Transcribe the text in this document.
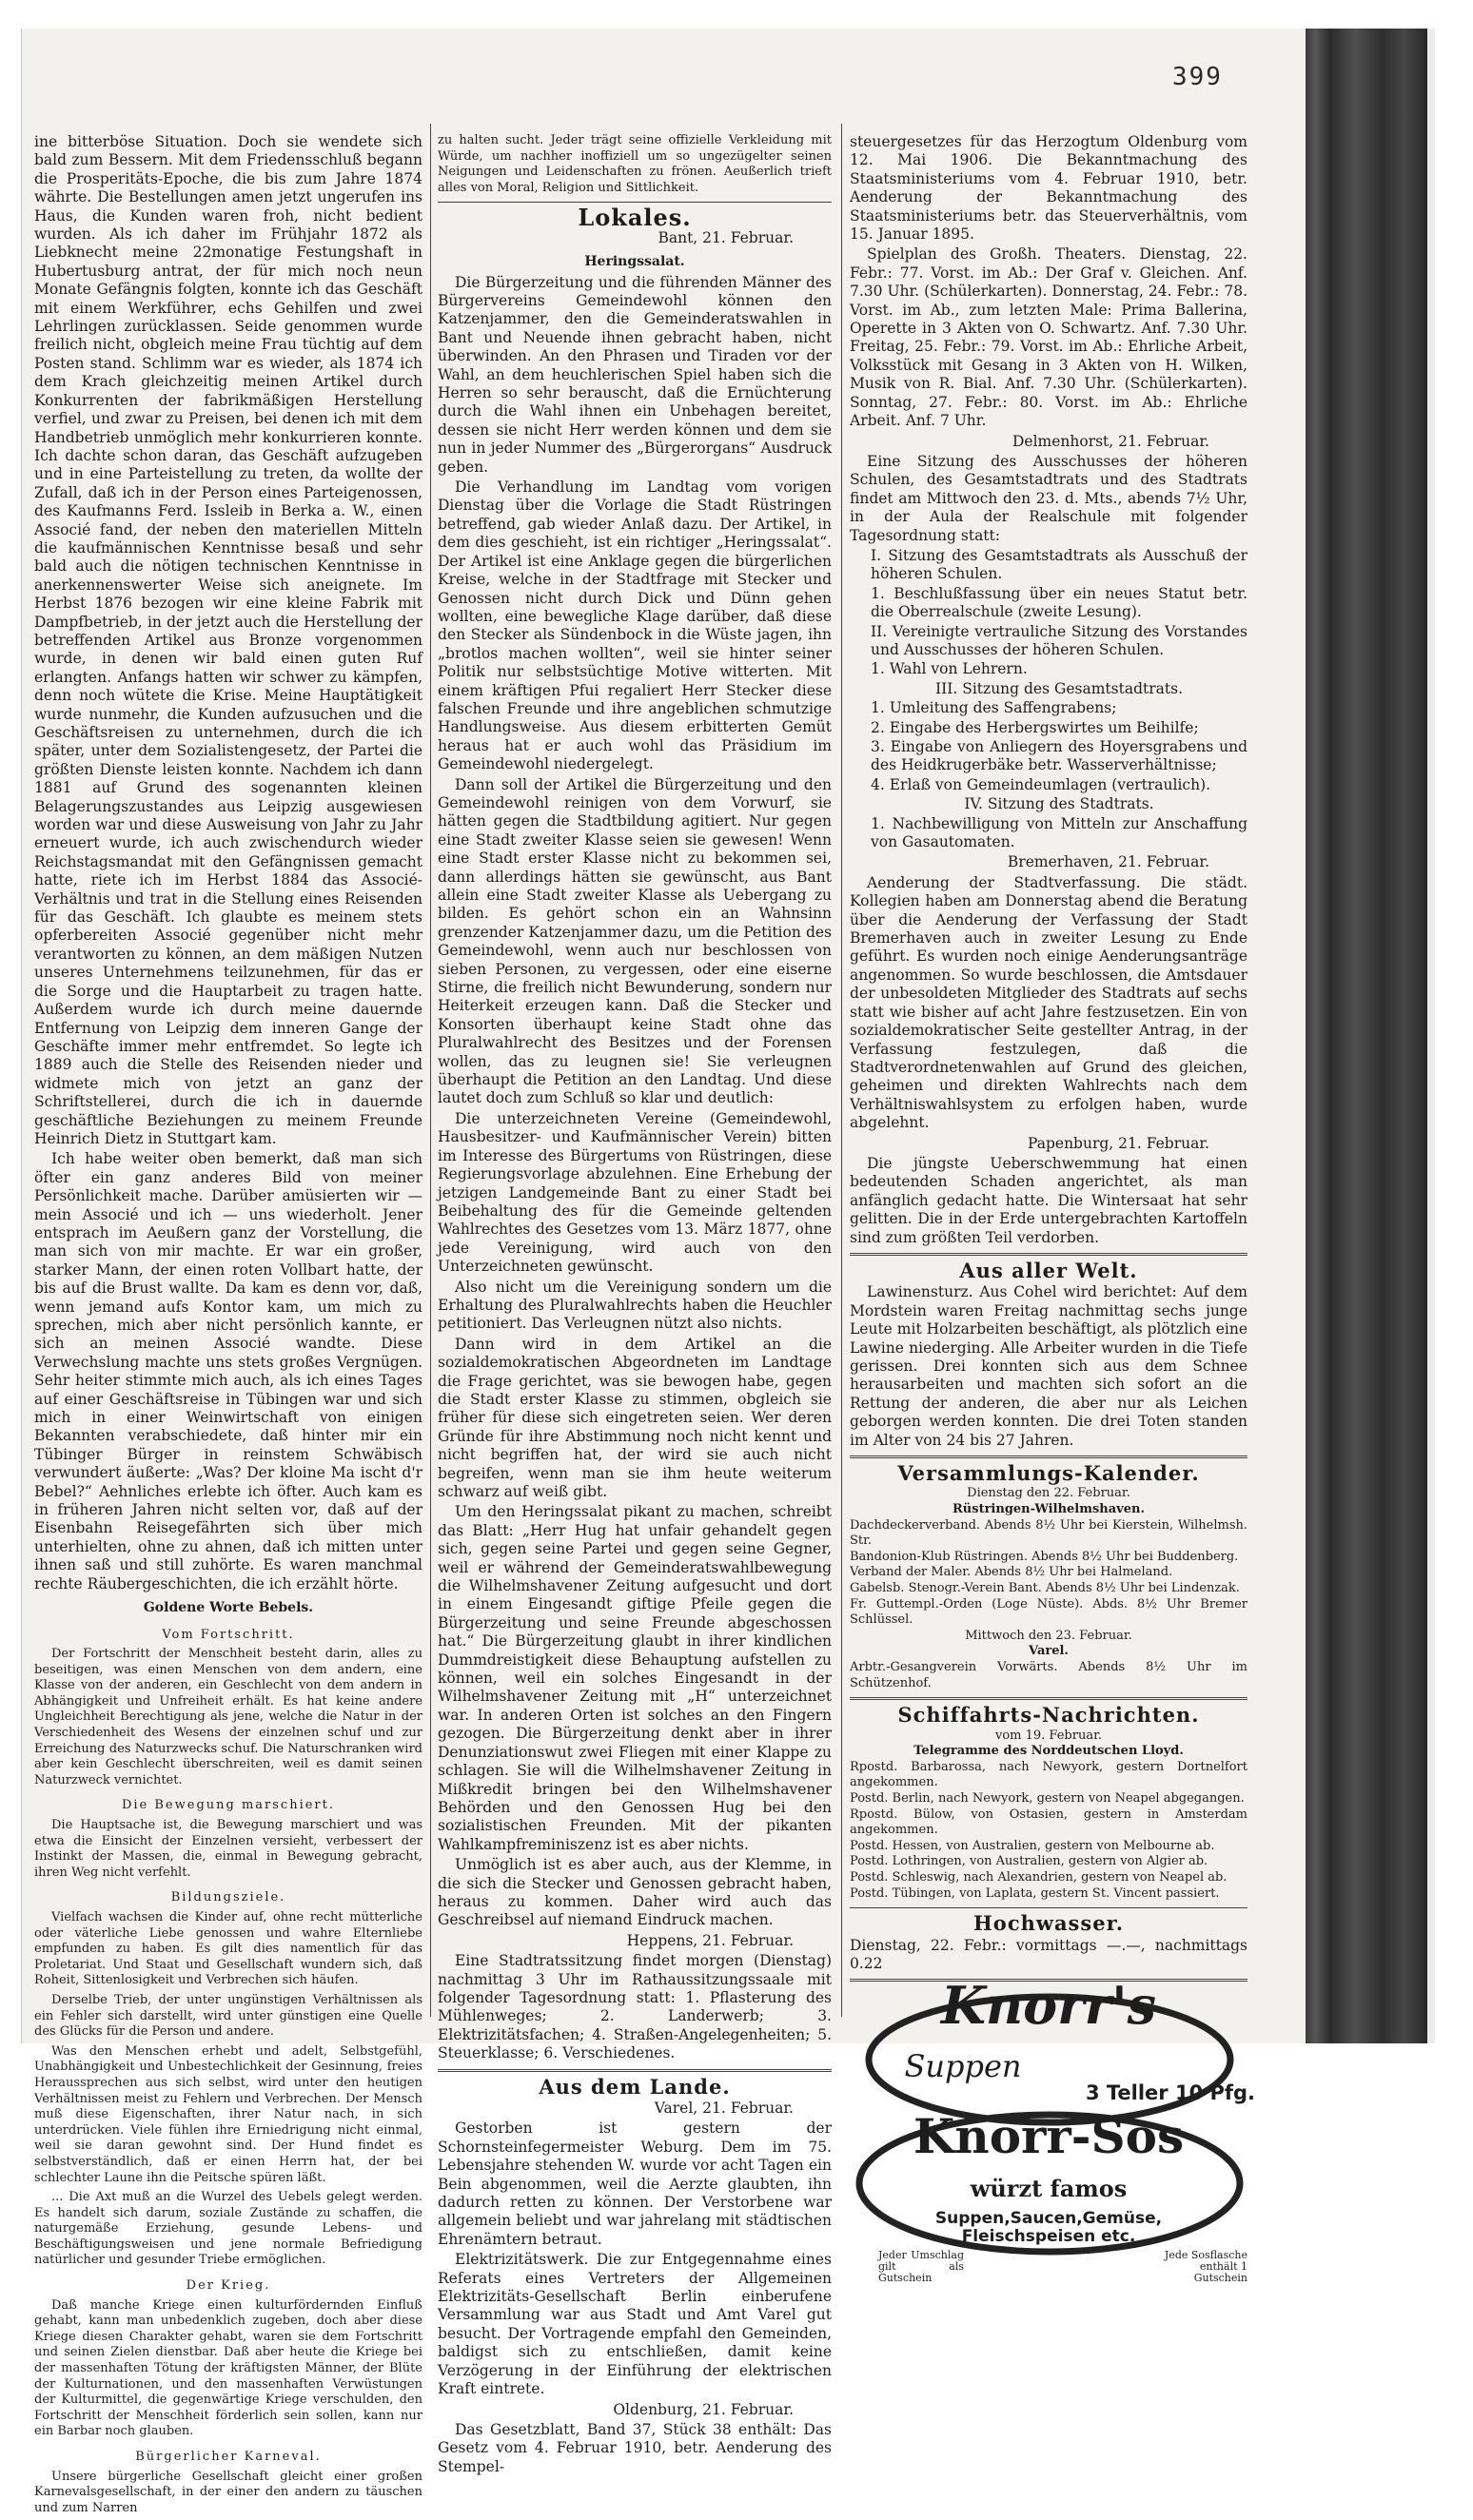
399

ine bitterböse Situation. Doch sie wendete sich bald zum Bessern. Mit dem Friedensschluß begann die Prosperitäts-Epoche, die bis zum Jahre 1874 währte. Die Bestellungen amen jetzt ungerufen ins Haus, die Kunden waren froh, nicht bedient wurden. Als ich daher im Frühjahr 1872 als Liebknecht meine 22monatige Festungshaft in Hubertusburg antrat, der für mich noch neun Monate Gefängnis folgten, konnte ich das Geschäft mit einem Werkführer, echs Gehilfen und zwei Lehrlingen zurücklassen. Seide genommen wurde freilich nicht, obgleich meine Frau tüchtig auf dem Posten stand. Schlimm war es wieder, als 1874 ich dem Krach gleichzeitig meinen Artikel durch Konkurrenten der fabrikmäßigen Herstellung verfiel, und zwar zu Preisen, bei denen ich mit dem Handbetrieb unmöglich mehr konkurrieren konnte. Ich dachte schon daran, das Geschäft aufzugeben und in eine Parteistellung zu treten, da wollte der Zufall, daß ich in der Person eines Parteigenossen, des Kaufmanns Ferd. Issleib in Berka a. W., einen Associé fand, der neben den materiellen Mitteln die kaufmännischen Kenntnisse besaß und sehr bald auch die nötigen technischen Kenntnisse in anerkennenswerter Weise sich aneignete. Im Herbst 1876 bezogen wir eine kleine Fabrik mit Dampfbetrieb, in der jetzt auch die Herstellung der betreffenden Artikel aus Bronze vorgenommen wurde, in denen wir bald einen guten Ruf erlangten. Anfangs hatten wir schwer zu kämpfen, denn noch wütete die Krise. Meine Hauptätigkeit wurde nunmehr, die Kunden aufzusuchen und die Geschäftsreisen zu unternehmen, durch die ich später, unter dem Sozialistengesetz, der Partei die größten Dienste leisten konnte. Nachdem ich dann 1881 auf Grund des sogenannten kleinen Belagerungszustandes aus Leipzig ausgewiesen worden war und diese Ausweisung von Jahr zu Jahr erneuert wurde, ich auch zwischendurch wieder Reichstagsmandat mit den Gefängnissen gemacht hatte, riete ich im Herbst 1884 das Associé-Verhältnis und trat in die Stellung eines Reisenden für das Geschäft. Ich glaubte es meinem stets opferbereiten Associé gegenüber nicht mehr verantworten zu können, an dem mäßigen Nutzen unseres Unternehmens teilzunehmen, für das er die Sorge und die Hauptarbeit zu tragen hatte. Außerdem wurde ich durch meine dauernde Entfernung von Leipzig dem inneren Gange der Geschäfte immer mehr entfremdet. So legte ich 1889 auch die Stelle des Reisenden nieder und widmete mich von jetzt an ganz der Schriftstellerei, durch die ich in dauernde geschäftliche Beziehungen zu meinem Freunde Heinrich Dietz in Stuttgart kam.

Ich habe weiter oben bemerkt, daß man sich öfter ein ganz anderes Bild von meiner Persönlichkeit mache. Darüber amüsierten wir — mein Associé und ich — uns wiederholt. Jener entsprach im Aeußern ganz der Vorstellung, die man sich von mir machte. Er war ein großer, starker Mann, der einen roten Vollbart hatte, der bis auf die Brust wallte. Da kam es denn vor, daß, wenn jemand aufs Kontor kam, um mich zu sprechen, mich aber nicht persönlich kannte, er sich an meinen Associé wandte. Diese Verwechslung machte uns stets großes Vergnügen. Sehr heiter stimmte mich auch, als ich eines Tages auf einer Geschäftsreise in Tübingen war und sich mich in einer Weinwirtschaft von einigen Bekannten verabschiedete, daß hinter mir ein Tübinger Bürger in reinstem Schwäbisch verwundert äußerte: „Was? Der kloine Ma ischt d'r Bebel?“ Aehnliches erlebte ich öfter. Auch kam es in früheren Jahren nicht selten vor, daß auf der Eisenbahn Reisegefährten sich über mich unterhielten, ohne zu ahnen, daß ich mitten unter ihnen saß und still zuhörte. Es waren manchmal rechte Räubergeschichten, die ich erzählt hörte.

Goldene Worte Bebels.
Vom Fortschritt.

Der Fortschritt der Menschheit besteht darin, alles zu beseitigen, was einen Menschen von dem andern, eine Klasse von der anderen, ein Geschlecht von dem andern in Abhängigkeit und Unfreiheit erhält. Es hat keine andere Ungleichheit Berechtigung als jene, welche die Natur in der Verschiedenheit des Wesens der einzelnen schuf und zur Erreichung des Naturzwecks schuf. Die Naturschranken wird aber kein Geschlecht überschreiten, weil es damit seinen Naturzweck vernichtet.

Die Bewegung marschiert.

Die Hauptsache ist, die Bewegung marschiert und was etwa die Einsicht der Einzelnen versieht, verbessert der Instinkt der Massen, die, einmal in Bewegung gebracht, ihren Weg nicht verfehlt.

Bildungsziele.

Vielfach wachsen die Kinder auf, ohne recht mütterliche oder väterliche Liebe genossen und wahre Elternliebe empfunden zu haben. Es gilt dies namentlich für das Proletariat. Und Staat und Gesellschaft wundern sich, daß Roheit, Sittenlosigkeit und Verbrechen sich häufen.

Derselbe Trieb, der unter ungünstigen Verhältnissen als ein Fehler sich darstellt, wird unter günstigen eine Quelle des Glücks für die Person und andere.

Was den Menschen erhebt und adelt, Selbstgefühl, Unabhängigkeit und Unbestechlichkeit der Gesinnung, freies Heraussprechen aus sich selbst, wird unter den heutigen Verhältnissen meist zu Fehlern und Verbrechen. Der Mensch muß diese Eigenschaften, ihrer Natur nach, in sich unterdrücken. Viele fühlen ihre Erniedrigung nicht einmal, weil sie daran gewohnt sind. Der Hund findet es selbstverständlich, daß er einen Herrn hat, der bei schlechter Laune ihn die Peitsche spüren läßt.

... Die Axt muß an die Wurzel des Uebels gelegt werden. Es handelt sich darum, soziale Zustände zu schaffen, die naturgemäße Erziehung, gesunde Lebens- und Beschäftigungsweisen und jene normale Befriedigung natürlicher und gesunder Triebe ermöglichen.

Der Krieg.

Daß manche Kriege einen kulturfördernden Einfluß gehabt, kann man unbedenklich zugeben, doch aber diese Kriege diesen Charakter gehabt, waren sie dem Fortschritt und seinen Zielen dienstbar. Daß aber heute die Kriege bei der massenhaften Tötung der kräftigsten Männer, der Blüte der Kulturnationen, und den massenhaften Verwüstungen der Kulturmittel, die gegenwärtige Kriege verschulden, den Fortschritt der Menschheit förderlich sein sollen, kann nur ein Barbar noch glauben.

Bürgerlicher Karneval.

Unsere bürgerliche Gesellschaft gleicht einer großen Karnevalsgesellschaft, in der einer den andern zu täuschen und zum Narren

zu halten sucht. Jeder trägt seine offizielle Verkleidung mit Würde, um nachher inoffiziell um so ungezügelter seinen Neigungen und Leidenschaften zu frönen. Aeußerlich trieft alles von Moral, Religion und Sittlichkeit.

Lokales.
Bant, 21. Februar.
Heringssalat.

Die Bürgerzeitung und die führenden Männer des Bürgervereins Gemeindewohl können den Katzenjammer, den die Gemeinderatswahlen in Bant und Neuende ihnen gebracht haben, nicht überwinden. An den Phrasen und Tiraden vor der Wahl, an dem heuchlerischen Spiel haben sich die Herren so sehr berauscht, daß die Ernüchterung durch die Wahl ihnen ein Unbehagen bereitet, dessen sie nicht Herr werden können und dem sie nun in jeder Nummer des „Bürgerorgans“ Ausdruck geben.

Die Verhandlung im Landtag vom vorigen Dienstag über die Vorlage die Stadt Rüstringen betreffend, gab wieder Anlaß dazu. Der Artikel, in dem dies geschieht, ist ein richtiger „Heringssalat“. Der Artikel ist eine Anklage gegen die bürgerlichen Kreise, welche in der Stadtfrage mit Stecker und Genossen nicht durch Dick und Dünn gehen wollten, eine bewegliche Klage darüber, daß diese den Stecker als Sündenbock in die Wüste jagen, ihn „brotlos machen wollten“, weil sie hinter seiner Politik nur selbstsüchtige Motive witterten. Mit einem kräftigen Pfui regaliert Herr Stecker diese falschen Freunde und ihre angeblichen schmutzige Handlungsweise. Aus diesem erbitterten Gemüt heraus hat er auch wohl das Präsidium im Gemeindewohl niedergelegt.

Dann soll der Artikel die Bürgerzeitung und den Gemeindewohl reinigen von dem Vorwurf, sie hätten gegen die Stadtbildung agitiert. Nur gegen eine Stadt zweiter Klasse seien sie gewesen! Wenn eine Stadt erster Klasse nicht zu bekommen sei, dann allerdings hätten sie gewünscht, aus Bant allein eine Stadt zweiter Klasse als Uebergang zu bilden. Es gehört schon ein an Wahnsinn grenzender Katzenjammer dazu, um die Petition des Gemeindewohl, wenn auch nur beschlossen von sieben Personen, zu vergessen, oder eine eiserne Stirne, die freilich nicht Bewunderung, sondern nur Heiterkeit erzeugen kann. Daß die Stecker und Konsorten überhaupt keine Stadt ohne das Pluralwahlrecht des Besitzes und der Forensen wollen, das zu leugnen sie! Sie verleugnen überhaupt die Petition an den Landtag. Und diese lautet doch zum Schluß so klar und deutlich:

Die unterzeichneten Vereine (Gemeindewohl, Hausbesitzer- und Kaufmännischer Verein) bitten im Interesse des Bürgertums von Rüstringen, diese Regierungsvorlage abzulehnen. Eine Erhebung der jetzigen Landgemeinde Bant zu einer Stadt bei Beibehaltung des für die Gemeinde geltenden Wahlrechtes des Gesetzes vom 13. März 1877, ohne jede Vereinigung, wird auch von den Unterzeichneten gewünscht.

Also nicht um die Vereinigung sondern um die Erhaltung des Pluralwahlrechts haben die Heuchler petitioniert. Das Verleugnen nützt also nichts.

Dann wird in dem Artikel an die sozialdemokratischen Abgeordneten im Landtage die Frage gerichtet, was sie bewogen habe, gegen die Stadt erster Klasse zu stimmen, obgleich sie früher für diese sich eingetreten seien. Wer deren Gründe für ihre Abstimmung noch nicht kennt und nicht begriffen hat, der wird sie auch nicht begreifen, wenn man sie ihm heute weiterum schwarz auf weiß gibt.

Um den Heringssalat pikant zu machen, schreibt das Blatt: „Herr Hug hat unfair gehandelt gegen sich, gegen seine Partei und gegen seine Gegner, weil er während der Gemeinderatswahlbewegung die Wilhelmshavener Zeitung aufgesucht und dort in einem Eingesandt giftige Pfeile gegen die Bürgerzeitung und seine Freunde abgeschossen hat.“ Die Bürgerzeitung glaubt in ihrer kindlichen Dummdreistigkeit diese Behauptung aufstellen zu können, weil ein solches Eingesandt in der Wilhelmshavener Zeitung mit „H“ unterzeichnet war. In anderen Orten ist solches an den Fingern gezogen. Die Bürgerzeitung denkt aber in ihrer Denunziationswut zwei Fliegen mit einer Klappe zu schlagen. Sie will die Wilhelmshavener Zeitung in Mißkredit bringen bei den Wilhelmshavener Behörden und den Genossen Hug bei den sozialistischen Freunden. Mit der pikanten Wahlkampfreminiszenz ist es aber nichts.

Unmöglich ist es aber auch, aus der Klemme, in die sich die Stecker und Genossen gebracht haben, heraus zu kommen. Daher wird auch das Geschreibsel auf niemand Eindruck machen.

Heppens, 21. Februar.

Eine Stadtratssitzung findet morgen (Dienstag) nachmittag 3 Uhr im Rathaussitzungssaale mit folgender Tagesordnung statt: 1. Pflasterung des Mühlenweges; 2. Landerwerb; 3. Elektrizitätsfachen; 4. Straßen-Angelegenheiten; 5. Steuerklasse; 6. Verschiedenes.

Aus dem Lande.
Varel, 21. Februar.

Gestorben ist gestern der Schornsteinfegermeister Weburg. Dem im 75. Lebensjahre stehenden W. wurde vor acht Tagen ein Bein abgenommen, weil die Aerzte glaubten, ihn dadurch retten zu können. Der Verstorbene war allgemein beliebt und war jahrelang mit städtischen Ehrenämtern betraut.

Elektrizitätswerk. Die zur Entgegennahme eines Referats eines Vertreters der Allgemeinen Elektrizitäts-Gesellschaft Berlin einberufene Versammlung war aus Stadt und Amt Varel gut besucht. Der Vortragende empfahl den Gemeinden, baldigst sich zu entschließen, damit keine Verzögerung in der Einführung der elektrischen Kraft eintrete.

Oldenburg, 21. Februar.

Das Gesetzblatt, Band 37, Stück 38 enthält: Das Gesetz vom 4. Februar 1910, betr. Aenderung des Stempel-

steuergesetzes für das Herzogtum Oldenburg vom 12. Mai 1906. Die Bekanntmachung des Staatsministeriums vom 4. Februar 1910, betr. Aenderung der Bekanntmachung des Staatsministeriums betr. das Steuerverhältnis, vom 15. Januar 1895.

Spielplan des Großh. Theaters. Dienstag, 22. Febr.: 77. Vorst. im Ab.: Der Graf v. Gleichen. Anf. 7.30 Uhr. (Schülerkarten). Donnerstag, 24. Febr.: 78. Vorst. im Ab., zum letzten Male: Prima Ballerina, Operette in 3 Akten von O. Schwartz. Anf. 7.30 Uhr. Freitag, 25. Febr.: 79. Vorst. im Ab.: Ehrliche Arbeit, Volksstück mit Gesang in 3 Akten von H. Wilken, Musik von R. Bial. Anf. 7.30 Uhr. (Schülerkarten). Sonntag, 27. Febr.: 80. Vorst. im Ab.: Ehrliche Arbeit. Anf. 7 Uhr.

Delmenhorst, 21. Februar.

Eine Sitzung des Ausschusses der höheren Schulen, des Gesamtstadtrats und des Stadtrats findet am Mittwoch den 23. d. Mts., abends 7½ Uhr, in der Aula der Realschule mit folgender Tagesordnung statt:

I. Sitzung des Gesamtstadtrats als Ausschuß der höheren Schulen.

1. Beschlußfassung über ein neues Statut betr. die Oberrealschule (zweite Lesung).

II. Vereinigte vertrauliche Sitzung des Vorstandes und Ausschusses der höheren Schulen.

1. Wahl von Lehrern.

III. Sitzung des Gesamtstadtrats.

1. Umleitung des Saffengrabens;

2. Eingabe des Herbergswirtes um Beihilfe;

3. Eingabe von Anliegern des Hoyersgrabens und des Heidkrugerbäke betr. Wasserverhältnisse;

4. Erlaß von Gemeindeumlagen (vertraulich).

IV. Sitzung des Stadtrats.

1. Nachbewilligung von Mitteln zur Anschaffung von Gasautomaten.

Bremerhaven, 21. Februar.

Aenderung der Stadtverfassung. Die städt. Kollegien haben am Donnerstag abend die Beratung über die Aenderung der Verfassung der Stadt Bremerhaven auch in zweiter Lesung zu Ende geführt. Es wurden noch einige Aenderungsanträge angenommen. So wurde beschlossen, die Amtsdauer der unbesoldeten Mitglieder des Stadtrats auf sechs statt wie bisher auf acht Jahre festzusetzen. Ein von sozialdemokratischer Seite gestellter Antrag, in der Verfassung festzulegen, daß die Stadtverordnetenwahlen auf Grund des gleichen, geheimen und direkten Wahlrechts nach dem Verhältniswahlsystem zu erfolgen haben, wurde abgelehnt.

Papenburg, 21. Februar.

Die jüngste Ueberschwemmung hat einen bedeutenden Schaden angerichtet, als man anfänglich gedacht hatte. Die Wintersaat hat sehr gelitten. Die in der Erde untergebrachten Kartoffeln sind zum größten Teil verdorben.

Aus aller Welt.

Lawinensturz. Aus Cohel wird berichtet: Auf dem Mordstein waren Freitag nachmittag sechs junge Leute mit Holzarbeiten beschäftigt, als plötzlich eine Lawine niederging. Alle Arbeiter wurden in die Tiefe gerissen. Drei konnten sich aus dem Schnee herausarbeiten und machten sich sofort an die Rettung der anderen, die aber nur als Leichen geborgen werden konnten. Die drei Toten standen im Alter von 24 bis 27 Jahren.

Versammlungs-Kalender.

Dienstag den 22. Februar.

Rüstringen-Wilhelmshaven.

Dachdeckerverband. Abends 8½ Uhr bei Kierstein, Wilhelmsh. Str.

Bandonion-Klub Rüstringen. Abends 8½ Uhr bei Buddenberg.

Verband der Maler. Abends 8½ Uhr bei Halmeland.

Gabelsb. Stenogr.-Verein Bant. Abends 8½ Uhr bei Lindenzak.

Fr. Guttempl.-Orden (Loge Nüste). Abds. 8½ Uhr Bremer Schlüssel.

Mittwoch den 23. Februar.

Varel.

Arbtr.-Gesangverein Vorwärts. Abends 8½ Uhr im Schützenhof.

Schiffahrts-Nachrichten.

vom 19. Februar.

Telegramme des Norddeutschen Lloyd.

Rpostd. Barbarossa, nach Newyork, gestern Dortnelfort angekommen.

Postd. Berlin, nach Newyork, gestern von Neapel abgegangen.

Rpostd. Bülow, von Ostasien, gestern in Amsterdam angekommen.

Postd. Hessen, von Australien, gestern von Melbourne ab.

Postd. Lothringen, von Australien, gestern von Algier ab.

Postd. Schleswig, nach Alexandrien, gestern von Neapel ab.

Postd. Tübingen, von Laplata, gestern St. Vincent passiert.

Hochwasser.

Dienstag, 22. Febr.: vormittags —.—, nachmittags 0.22

Knorr's
Suppen
3 Teller 10 Pfg.
Knorr-Sos
würzt famos
Suppen,Saucen,Gemüse,
Fleischspeisen etc.
Jeder Umschlag gilt als Gutschein
Jede Sosflasche enthält 1 Gutschein
